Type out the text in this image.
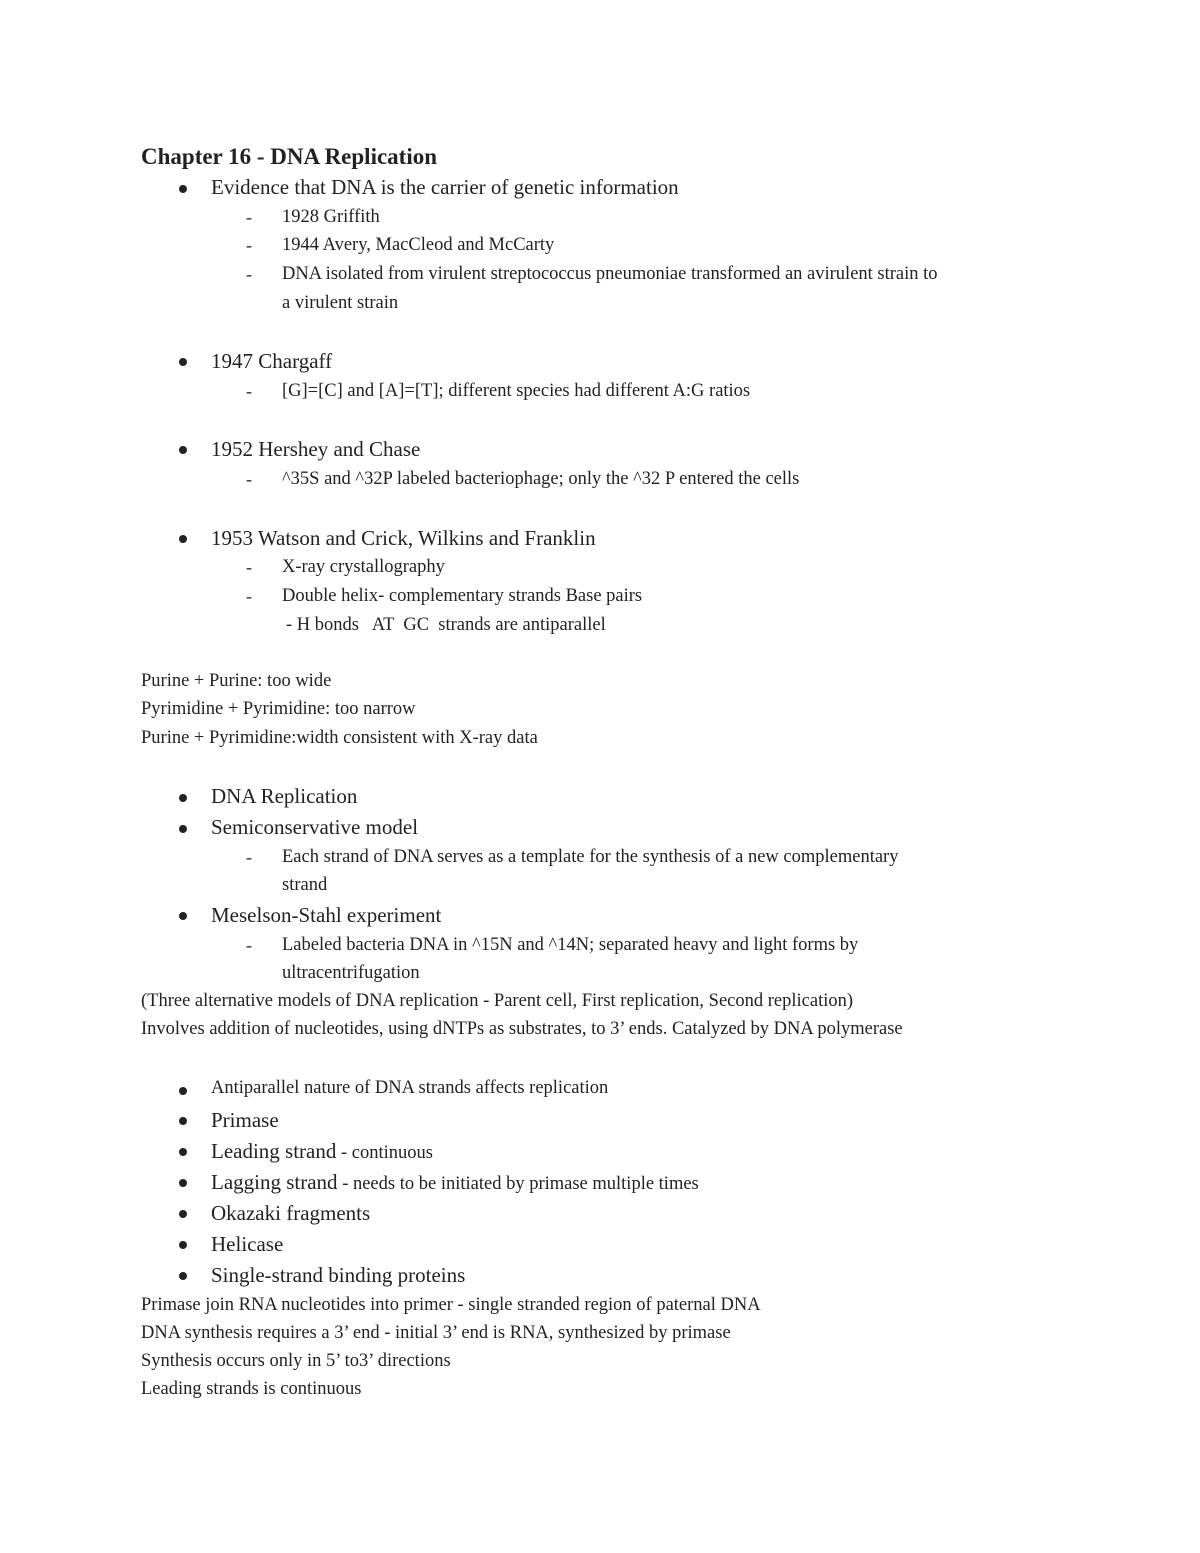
Chapter 16 - DNA Replication
Evidence that DNA is the carrier of genetic information
- 1928 Griffith
- 1944 Avery, MacCleod and McCarty
- DNA isolated from virulent streptococcus pneumoniae transformed an avirulent strain to
a virulent strain
1947 Chargaff
- [G]=[C] and [A]=[T]; different species had different A:G ratios
1952 Hershey and Chase
- ^35S and ^32P labeled bacteriophage; only the ^32 P entered the cells
1953 Watson and Crick, Wilkins and Franklin
- X-ray crystallography
- Double helix- complementary strands Base pairs
- H bonds   AT  GC  strands are antiparallel
Purine + Purine: too wide
Pyrimidine + Pyrimidine: too narrow
Purine + Pyrimidine:width consistent with X-ray data
DNA Replication
Semiconservative model
- Each strand of DNA serves as a template for the synthesis of a new complementary
strand
Meselson-Stahl experiment
- Labeled bacteria DNA in ^15N and ^14N; separated heavy and light forms by
ultracentrifugation
(Three alternative models of DNA replication - Parent cell, First replication, Second replication)
Involves addition of nucleotides, using dNTPs as substrates, to 3’ ends. Catalyzed by DNA polymerase
Antiparallel nature of DNA strands affects replication
Primase
Leading strand - continuous
Lagging strand - needs to be initiated by primase multiple times
Okazaki fragments
Helicase
Single-strand binding proteins
Primase join RNA nucleotides into primer - single stranded region of paternal DNA
DNA synthesis requires a 3’ end - initial 3’ end is RNA, synthesized by primase
Synthesis occurs only in 5’ to3’ directions
Leading strands is continuous
